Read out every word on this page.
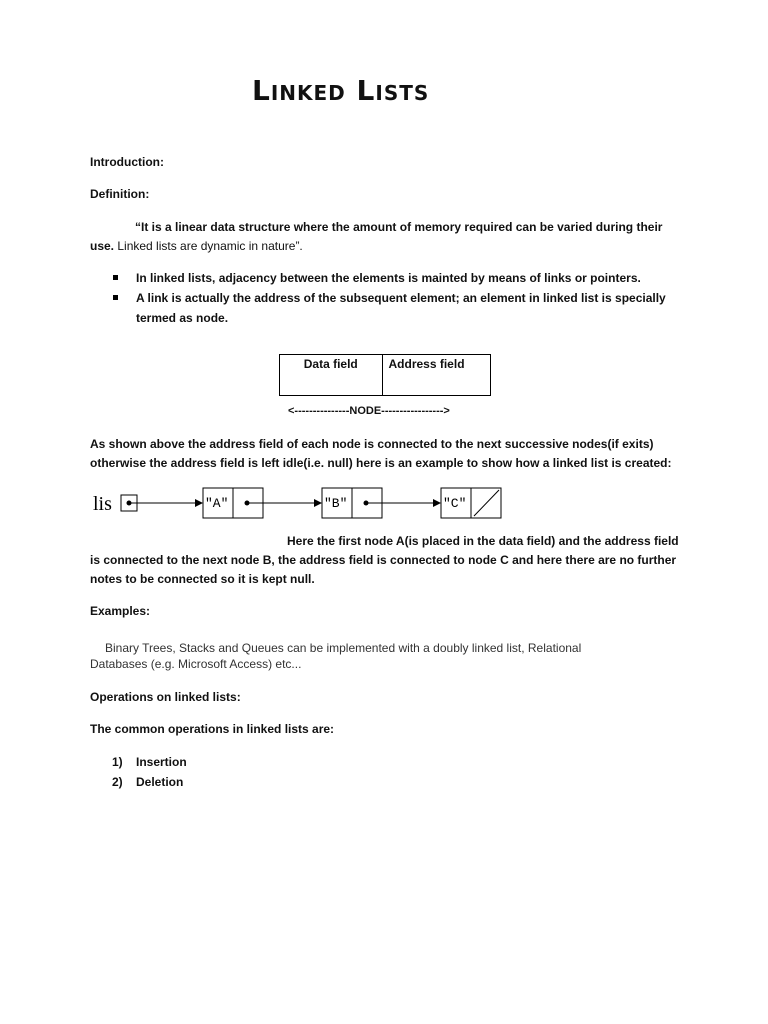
Linked Lists
Introduction:
Definition:
“It is a linear data structure where the amount of memory required can be varied during their
use. Linked lists are dynamic in nature”.
In linked lists, adjacency between the elements is mainted by means of links or pointers.
A link is actually the address of the subsequent element; an element in linked list is specially termed as node.
Data field	Address field
<---------------NODE----------------->
As shown above the address field of each node is connected to the next successive nodes(if exits)
otherwise the address field is left idle(i.e. null) here is an example to show how a linked list is created:
lis	"A"	"B"	"C"
Here the first node A(is placed in the data field) and the address field
is connected to the next node B, the address field is connected to node C and here there are no further
notes to be connected so it is kept null.
Examples:
Binary Trees, Stacks and Queues can be implemented with a doubly linked list, Relational
Databases (e.g. Microsoft Access) etc...
Operations on linked lists:
The common operations in linked lists are:
1) Insertion
2) Deletion
